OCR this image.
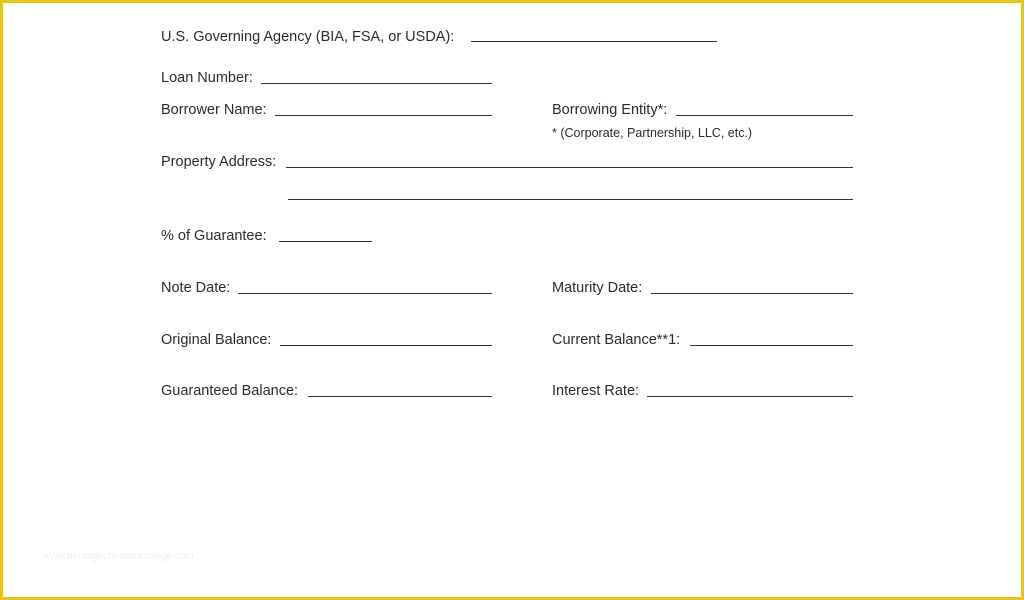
U.S. Governing Agency (BIA, FSA, or USDA):
Loan Number:
Borrower Name:	Borrowing Entity*:
* (Corporate, Partnership, LLC, etc.)
Property Address:
% of Guarantee:
Note Date:	Maturity Date:
Original Balance:	Current Balance**1:
Guaranteed Balance:	Interest Rate:
www.heritagechristiancollege.com
